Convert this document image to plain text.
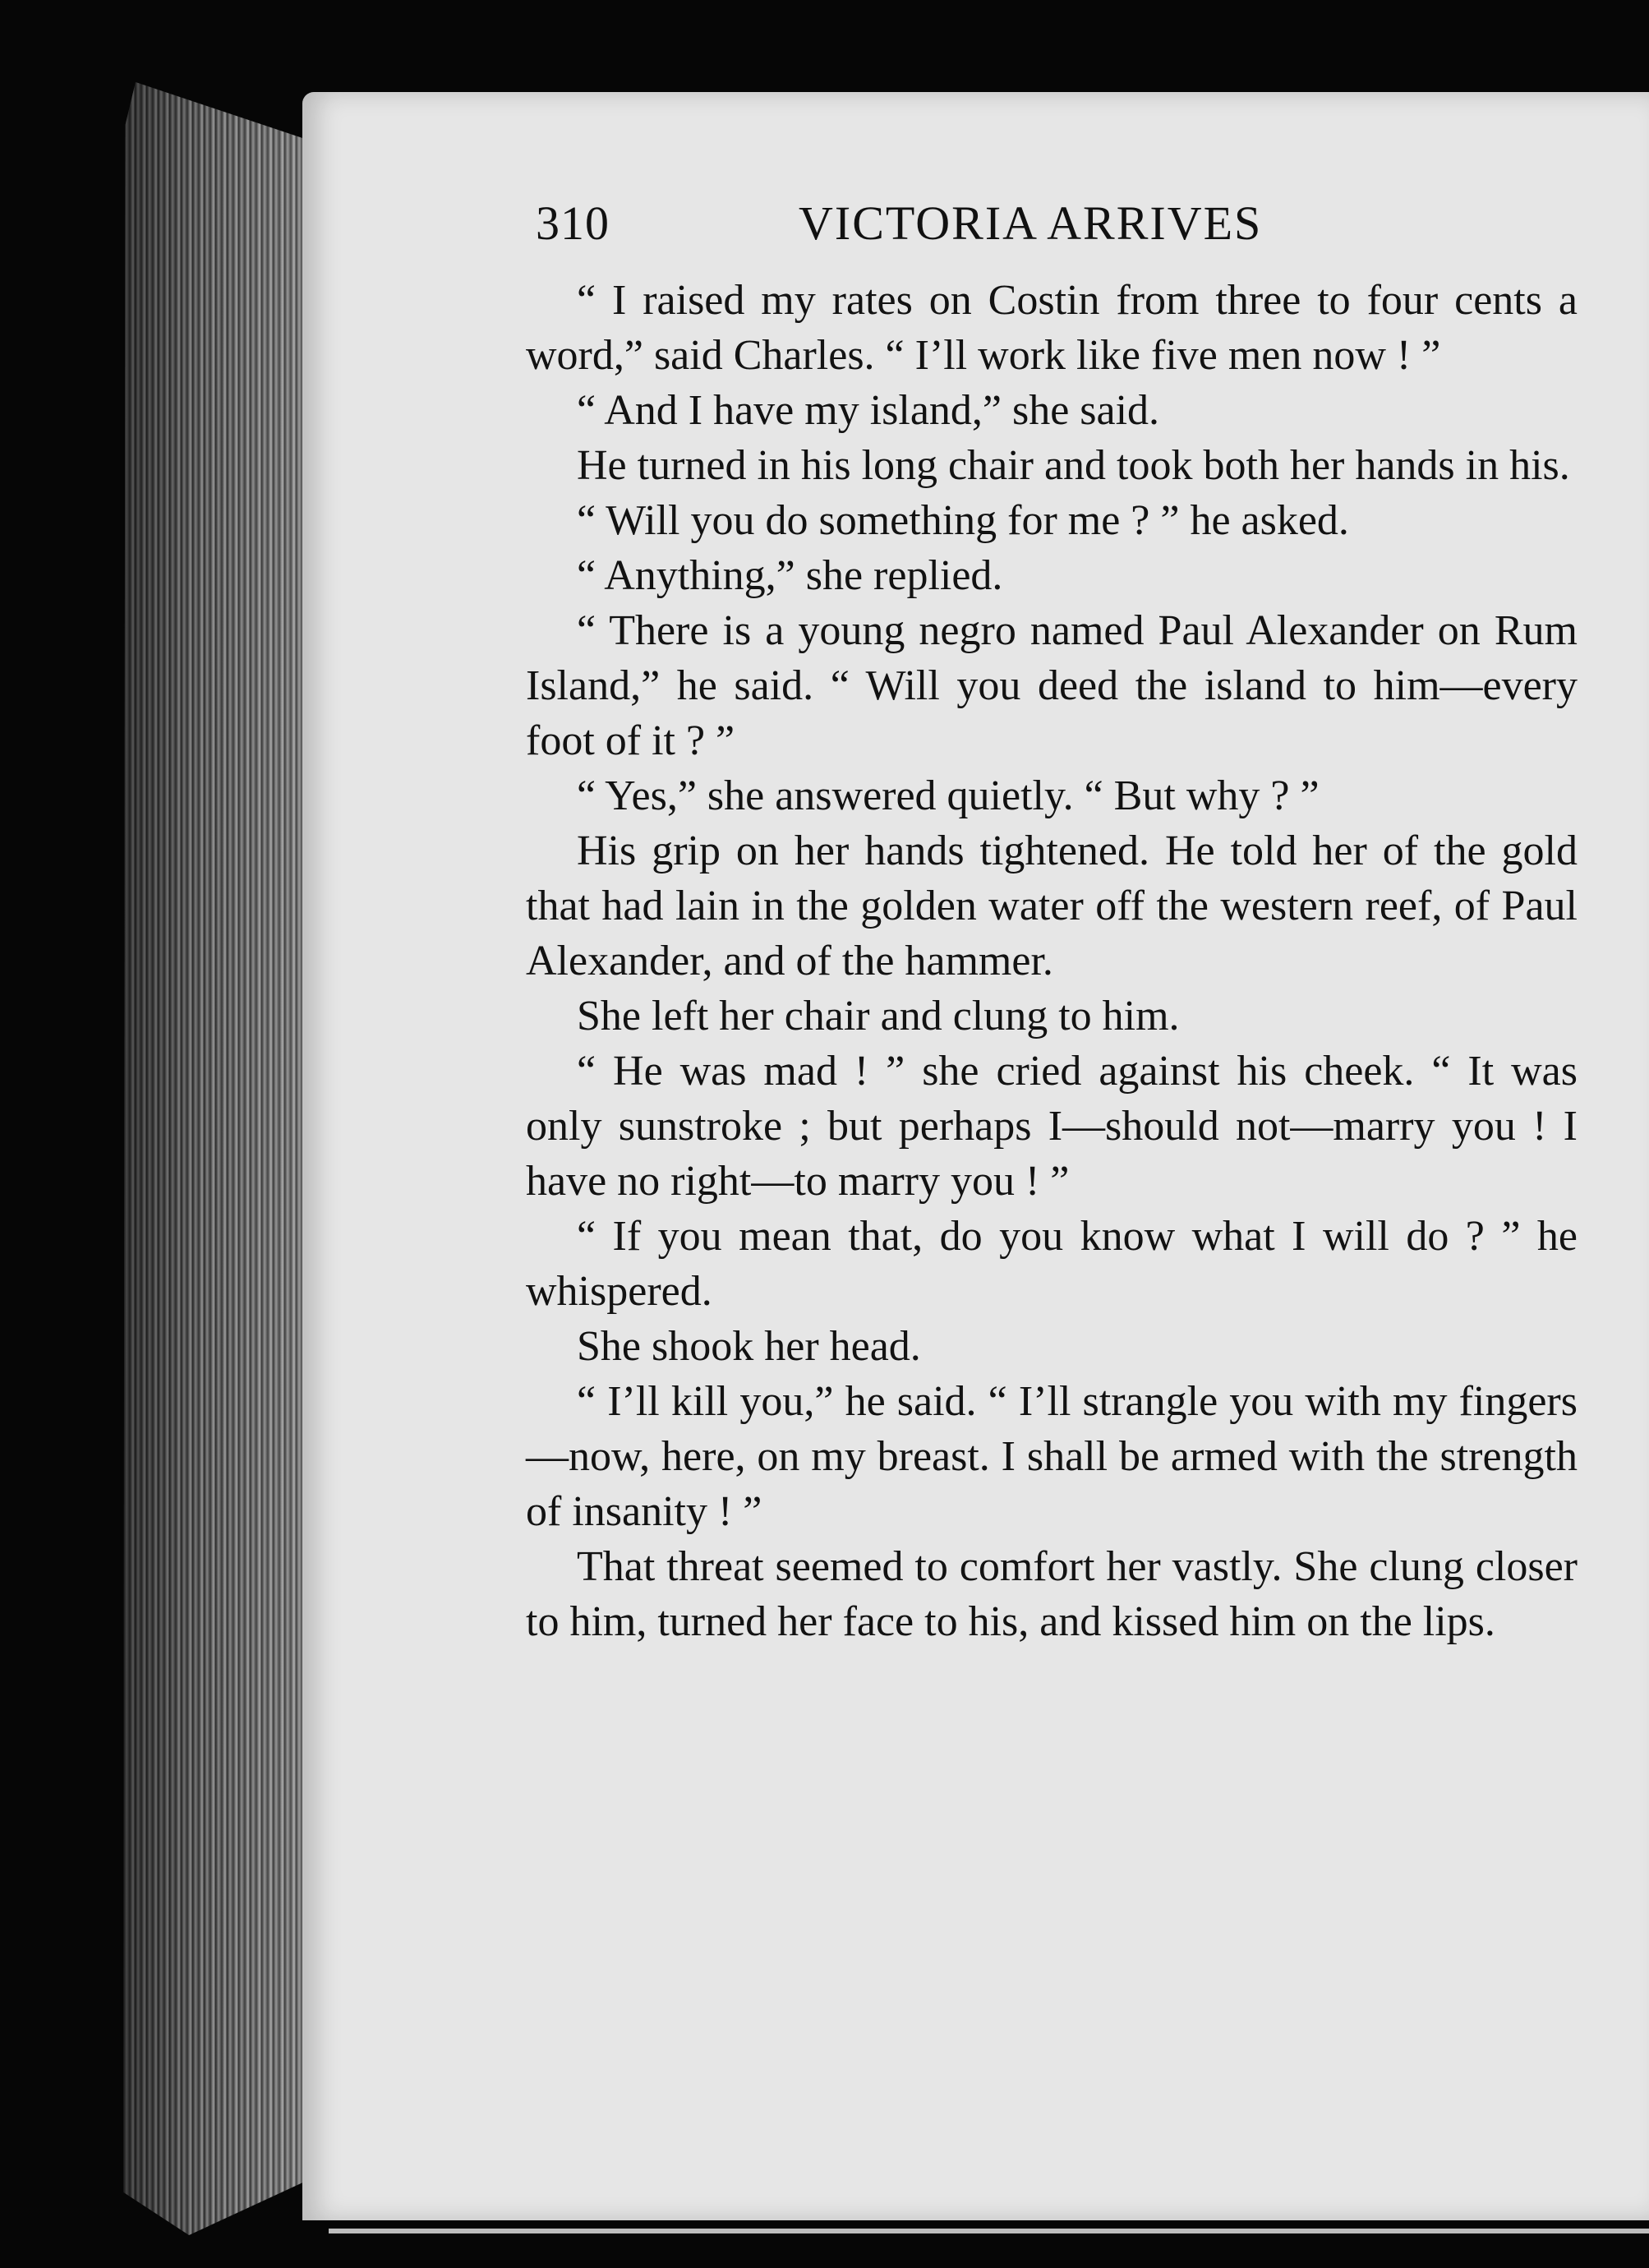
310	VICTORIA ARRIVES

“ I raised my rates on Costin from three to four cents a word,” said Charles. “ I’ll work like five men now ! ”

“ And I have my island,” she said.

He turned in his long chair and took both her hands in his.

“ Will you do something for me ? ” he asked.

“ Anything,” she replied.

“ There is a young negro named Paul Alexander on Rum Island,” he said. “ Will you deed the island to him—every foot of it ? ”

“ Yes,” she answered quietly. “ But why ? ”

His grip on her hands tightened. He told her of the gold that had lain in the golden water off the western reef, of Paul Alexander, and of the hammer.

She left her chair and clung to him.

“ He was mad ! ” she cried against his cheek. “ It was only sunstroke ; but perhaps I—should not—marry you ! I have no right—to marry you ! ”

“ If you mean that, do you know what I will do ? ” he whispered.

She shook her head.

“ I’ll kill you,” he said. “ I’ll strangle you with my fingers—now, here, on my breast. I shall be armed with the strength of insanity ! ”

That threat seemed to comfort her vastly. She clung closer to him, turned her face to his, and kissed him on the lips.
